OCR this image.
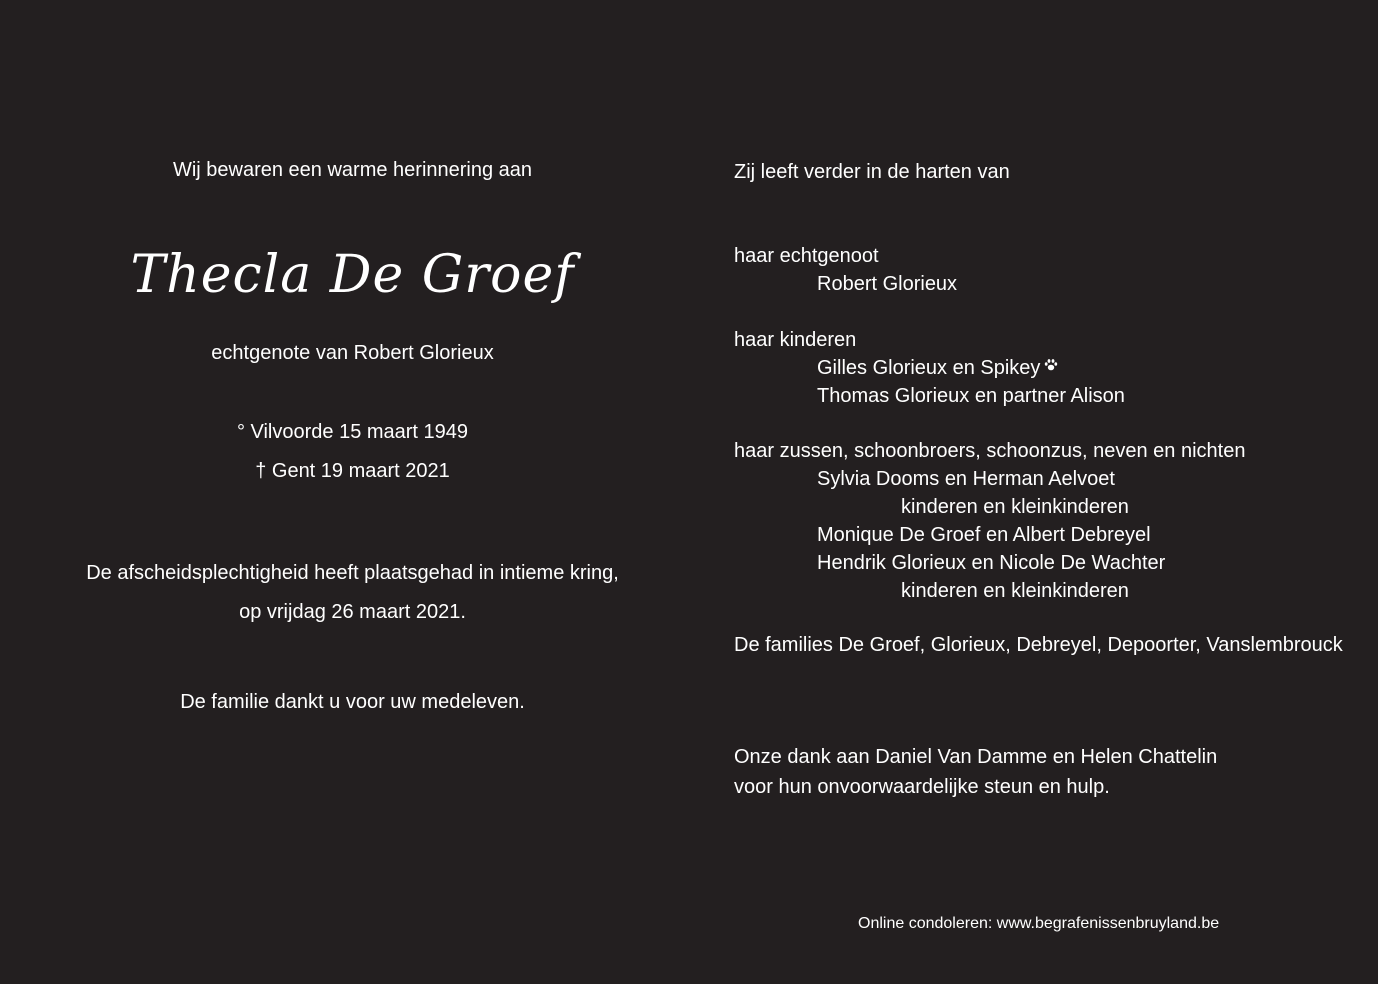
Wij bewaren een warme herinnering aan
Thecla De Groef
echtgenote van Robert Glorieux
° Vilvoorde 15 maart 1949
† Gent 19 maart 2021
De afscheidsplechtigheid heeft plaatsgehad in intieme kring,
op vrijdag 26 maart 2021.
De familie dankt u voor uw medeleven.
Zij leeft verder in de harten van
haar echtgenoot
Robert Glorieux
haar kinderen
Gilles Glorieux en Spikey
Thomas Glorieux en partner Alison
haar zussen, schoonbroers, schoonzus, neven en nichten
Sylvia Dooms en Herman Aelvoet
kinderen en kleinkinderen
Monique De Groef en Albert Debreyel
Hendrik Glorieux en Nicole De Wachter
kinderen en kleinkinderen
De families De Groef, Glorieux, Debreyel, Depoorter, Vanslembrouck
Onze dank aan Daniel Van Damme en Helen Chattelin
voor hun onvoorwaardelijke steun en hulp.
Online condoleren: www.begrafenissenbruyland.be
